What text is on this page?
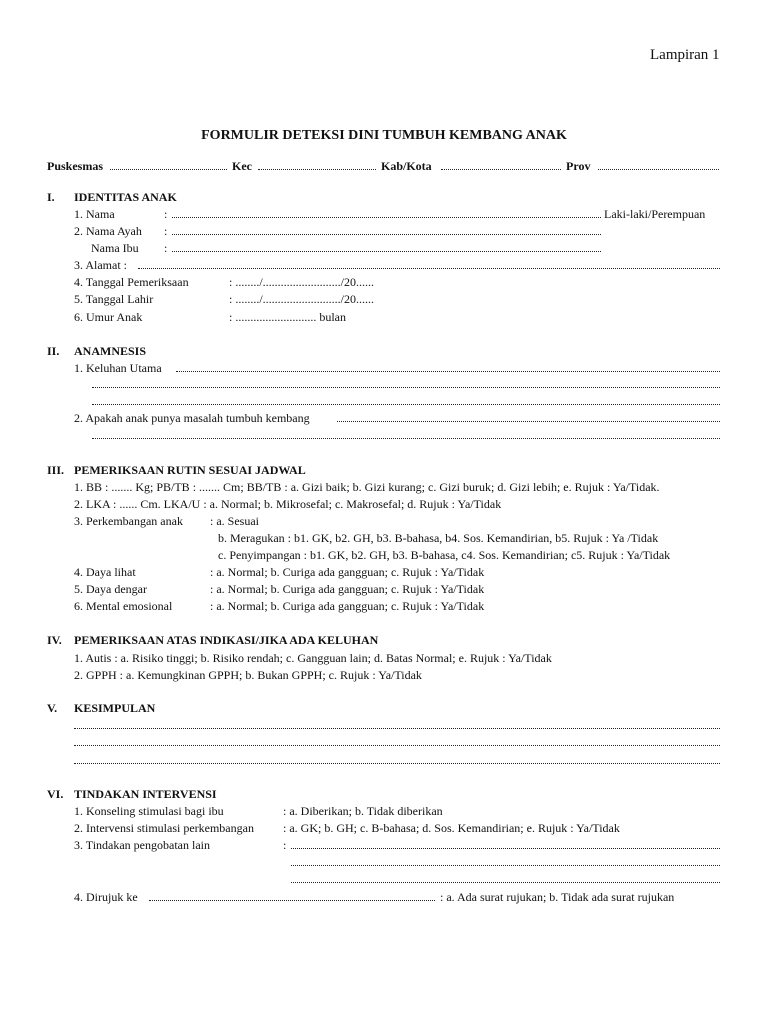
Lampiran 1
FORMULIR DETEKSI DINI TUMBUH KEMBANG ANAK
Puskesmas	Kec	Kab/Kota	Prov
I. IDENTITAS ANAK
1. Nama	:	Laki-laki/Perempuan
2. Nama Ayah :
Nama Ibu :
3. Alamat :
4. Tanggal Pemeriksaan	: ......../........................../20......
5. Tanggal Lahir	: ......../........................../20......
6. Umur Anak	: ........................... bulan
II. ANAMNESIS
1. Keluhan Utama
2. Apakah anak punya masalah tumbuh kembang
III. PEMERIKSAAN RUTIN SESUAI JADWAL
1. BB : ....... Kg; PB/TB : ....... Cm; BB/TB : a. Gizi baik; b. Gizi kurang; c. Gizi buruk; d. Gizi lebih; e. Rujuk : Ya/Tidak.
2. LKA : ...... Cm. LKA/U : a. Normal; b. Mikrosefal; c. Makrosefal; d. Rujuk : Ya/Tidak
3. Perkembangan anak : a. Sesuai
b. Meragukan : b1. GK, b2. GH, b3. B-bahasa, b4. Sos. Kemandirian, b5. Rujuk : Ya /Tidak
c. Penyimpangan : b1. GK, b2. GH, b3. B-bahasa, c4. Sos. Kemandirian; c5. Rujuk : Ya/Tidak
4. Daya lihat	: a. Normal; b. Curiga ada gangguan; c. Rujuk : Ya/Tidak
5. Daya dengar	: a. Normal; b. Curiga ada gangguan; c. Rujuk : Ya/Tidak
6. Mental emosional	: a. Normal; b. Curiga ada gangguan; c. Rujuk : Ya/Tidak
IV. PEMERIKSAAN ATAS INDIKASI/JIKA ADA KELUHAN
1. Autis : a. Risiko tinggi; b. Risiko rendah; c. Gangguan lain; d. Batas Normal; e. Rujuk : Ya/Tidak
2. GPPH : a. Kemungkinan GPPH; b. Bukan GPPH; c. Rujuk : Ya/Tidak
V. KESIMPULAN
VI. TINDAKAN INTERVENSI
1. Konseling stimulasi bagi ibu	: a. Diberikan; b. Tidak diberikan
2. Intervensi stimulasi perkembangan : a. GK; b. GH; c. B-bahasa; d. Sos. Kemandirian; e. Rujuk : Ya/Tidak
3. Tindakan pengobatan lain	:
4. Dirujuk ke	: a. Ada surat rujukan; b. Tidak ada surat rujukan
